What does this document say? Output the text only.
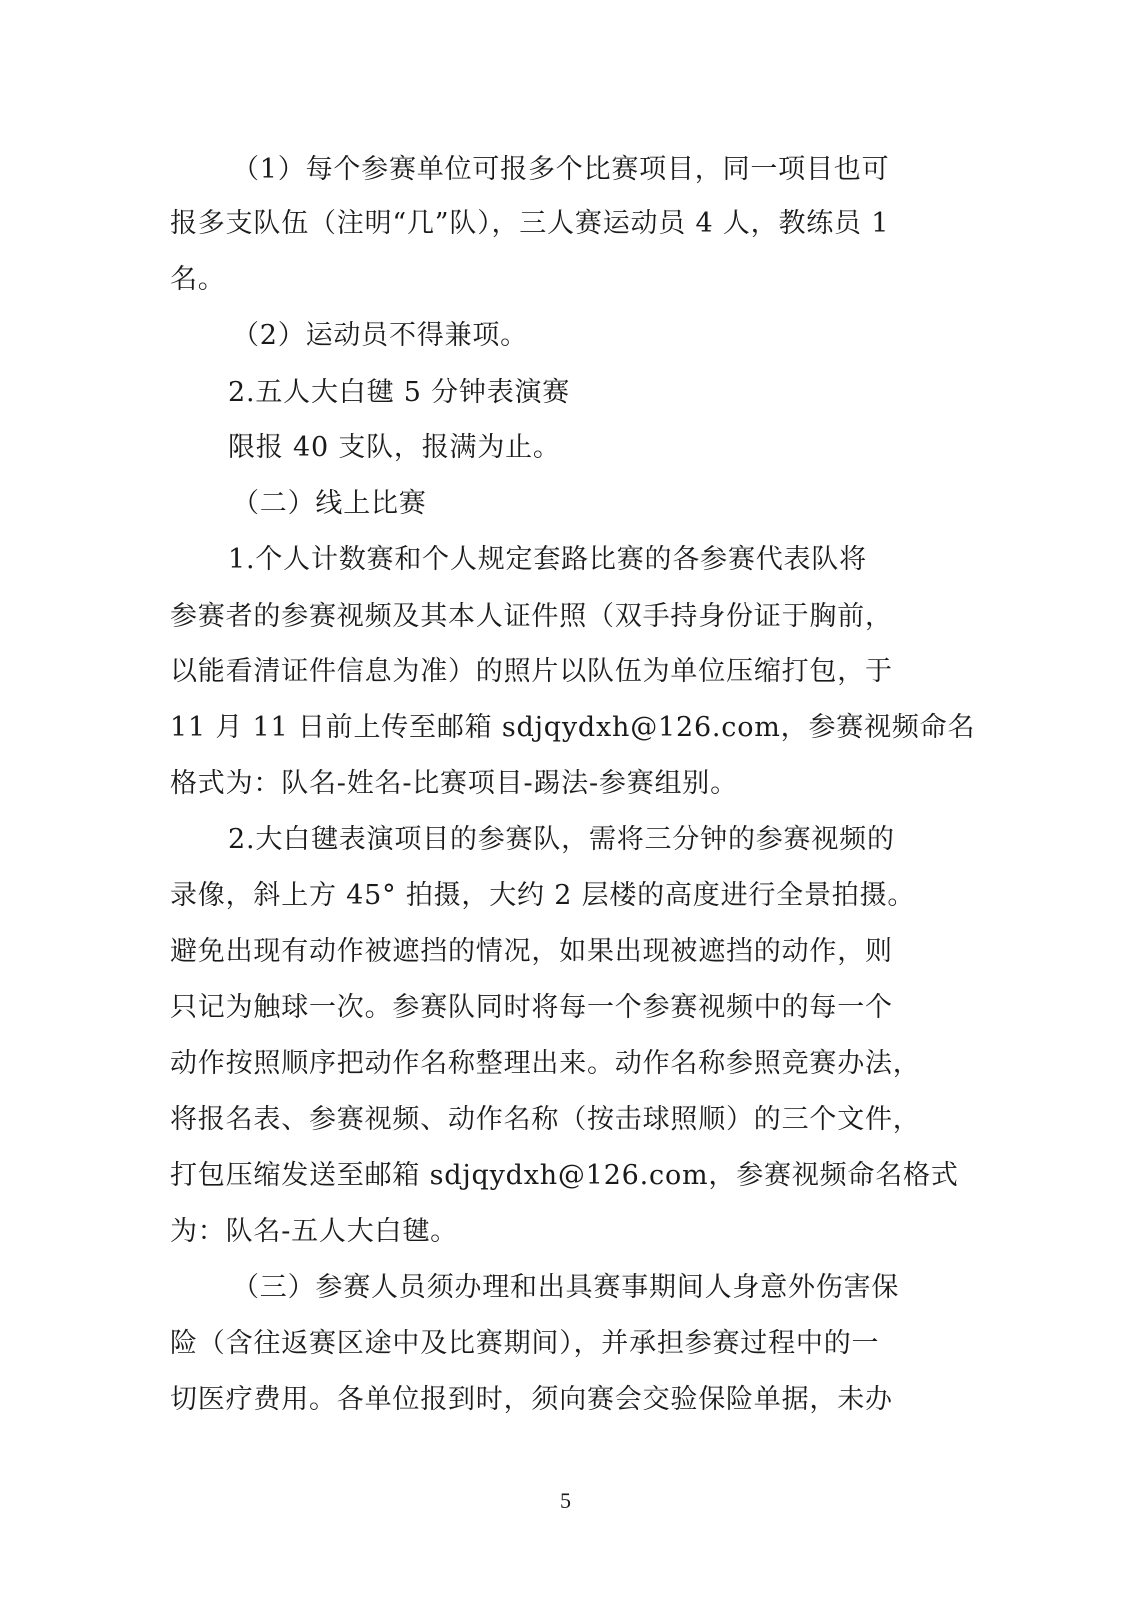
（1）每个参赛单位可报多个比赛项目，同一项目也可
报多支队伍（注明“几”队），三人赛运动员 4 人，教练员 1
名。
（2）运动员不得兼项。
2.五人大白毽 5 分钟表演赛
限报 40 支队，报满为止。
（二）线上比赛
1.个人计数赛和个人规定套路比赛的各参赛代表队将
参赛者的参赛视频及其本人证件照（双手持身份证于胸前，
以能看清证件信息为准）的照片以队伍为单位压缩打包，于
11 月 11 日前上传至邮箱 sdjqydxh@126.com，参赛视频命名
格式为：队名-姓名-比赛项目-踢法-参赛组别。
2.大白毽表演项目的参赛队，需将三分钟的参赛视频的
录像，斜上方 45° 拍摄，大约 2 层楼的高度进行全景拍摄。
避免出现有动作被遮挡的情况，如果出现被遮挡的动作，则
只记为触球一次。参赛队同时将每一个参赛视频中的每一个
动作按照顺序把动作名称整理出来。动作名称参照竞赛办法，
将报名表、参赛视频、动作名称（按击球照顺）的三个文件，
打包压缩发送至邮箱 sdjqydxh@126.com，参赛视频命名格式
为：队名-五人大白毽。
（三）参赛人员须办理和出具赛事期间人身意外伤害保
险（含往返赛区途中及比赛期间），并承担参赛过程中的一
切医疗费用。各单位报到时，须向赛会交验保险单据，未办
5
